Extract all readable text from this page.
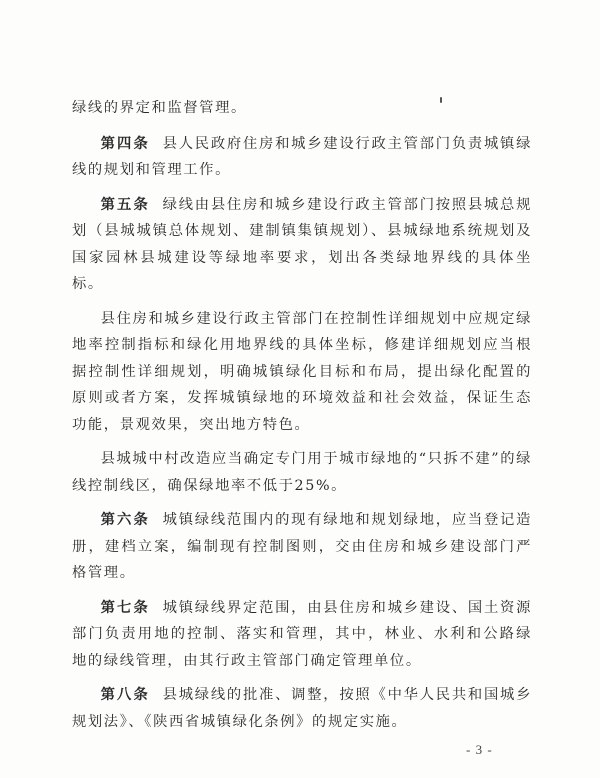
绿线的界定和监督管理。

第四条 县人民政府住房和城乡建设行政主管部门负责城镇绿线的规划和管理工作。

第五条 绿线由县住房和城乡建设行政主管部门按照县城总规划（县城城镇总体规划、建制镇集镇规划）、县城绿地系统规划及国家园林县城建设等绿地率要求，划出各类绿地界线的具体坐标。

县住房和城乡建设行政主管部门在控制性详细规划中应规定绿地率控制指标和绿化用地界线的具体坐标，修建详细规划应当根据控制性详细规划，明确城镇绿化目标和布局，提出绿化配置的原则或者方案，发挥城镇绿地的环境效益和社会效益，保证生态功能，景观效果，突出地方特色。

县城城中村改造应当确定专门用于城市绿地的“只拆不建”的绿线控制线区，确保绿地率不低于25%。

第六条 城镇绿线范围内的现有绿地和规划绿地，应当登记造册，建档立案，编制现有控制图则，交由住房和城乡建设部门严格管理。

第七条 城镇绿线界定范围，由县住房和城乡建设、国土资源部门负责用地的控制、落实和管理，其中，林业、水利和公路绿地的绿线管理，由其行政主管部门确定管理单位。

第八条 县城绿线的批准、调整，按照《中华人民共和国城乡规划法》、《陕西省城镇绿化条例》的规定实施。

- 3 -
